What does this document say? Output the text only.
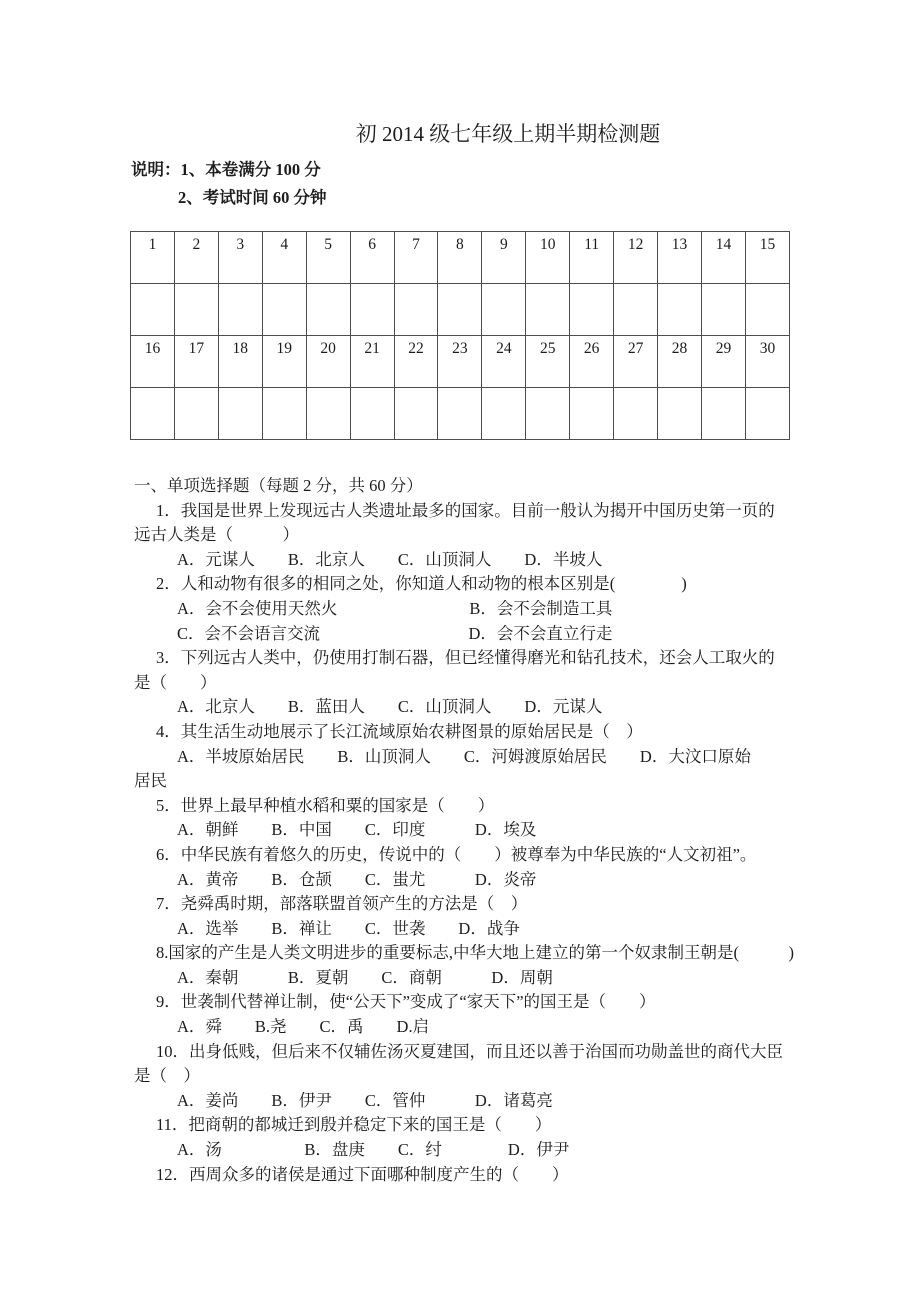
初 2014 级七年级上期半期检测题

说明：1、本卷满分 100 分

2、考试时间 60 分钟

1	2	3	4	5	6	7	8	9	10	11	12	13	14	15

16	17	18	19	20	21	22	23	24	25	26	27	28	29	30

一、单项选择题（每题 2 分，共 60 分）

1．我国是世界上发现远古人类遗址最多的国家。目前一般认为揭开中国历史第一页的

远古人类是（　　　）

A．元谋人　　B．北京人　　C．山顶洞人　　D．半坡人

2．人和动物有很多的相同之处，你知道人和动物的根本区别是(　　　　)

A．会不会使用天然火　　　　　　　　B．会不会制造工具

C．会不会语言交流　　　　　　　　　D．会不会直立行走

3．下列远古人类中，仍使用打制石器，但已经懂得磨光和钻孔技术，还会人工取火的

是（　　）

A．北京人　　B．蓝田人　　C．山顶洞人　　D．元谋人

4．其生活生动地展示了长江流域原始农耕图景的原始居民是（　）

A．半坡原始居民　　B．山顶洞人　　C．河姆渡原始居民　　D．大汶口原始

居民

5．世界上最早种植水稻和粟的国家是（　　）

A．朝鲜　　B．中国　　C．印度　　　D．埃及

6．中华民族有着悠久的历史，传说中的（　　）被尊奉为中华民族的“人文初祖”。

A．黄帝　　B．仓颉　　C．蚩尤　　　D．炎帝

7．尧舜禹时期，部落联盟首领产生的方法是（　）

A．选举　　B．禅让　　C．世袭　　D．战争

8.国家的产生是人类文明进步的重要标志,中华大地上建立的第一个奴隶制王朝是(　　　)

A．秦朝　　　B．夏朝　　C．商朝　　　D．周朝

9．世袭制代替禅让制，使“公天下”变成了“家天下”的国王是（　　）

A．舜　　B.尧　　C．禹　　D.启

10．出身低贱，但后来不仅辅佐汤灭夏建国，而且还以善于治国而功勋盖世的商代大臣

是（　）

A．姜尚　　B．伊尹　　C．管仲　　　D．诸葛亮

11．把商朝的都城迁到殷并稳定下来的国王是（　　）

A．汤　　　　　B．盘庚　　C．纣　　　　D．伊尹

12．西周众多的诸侯是通过下面哪种制度产生的（　　）
